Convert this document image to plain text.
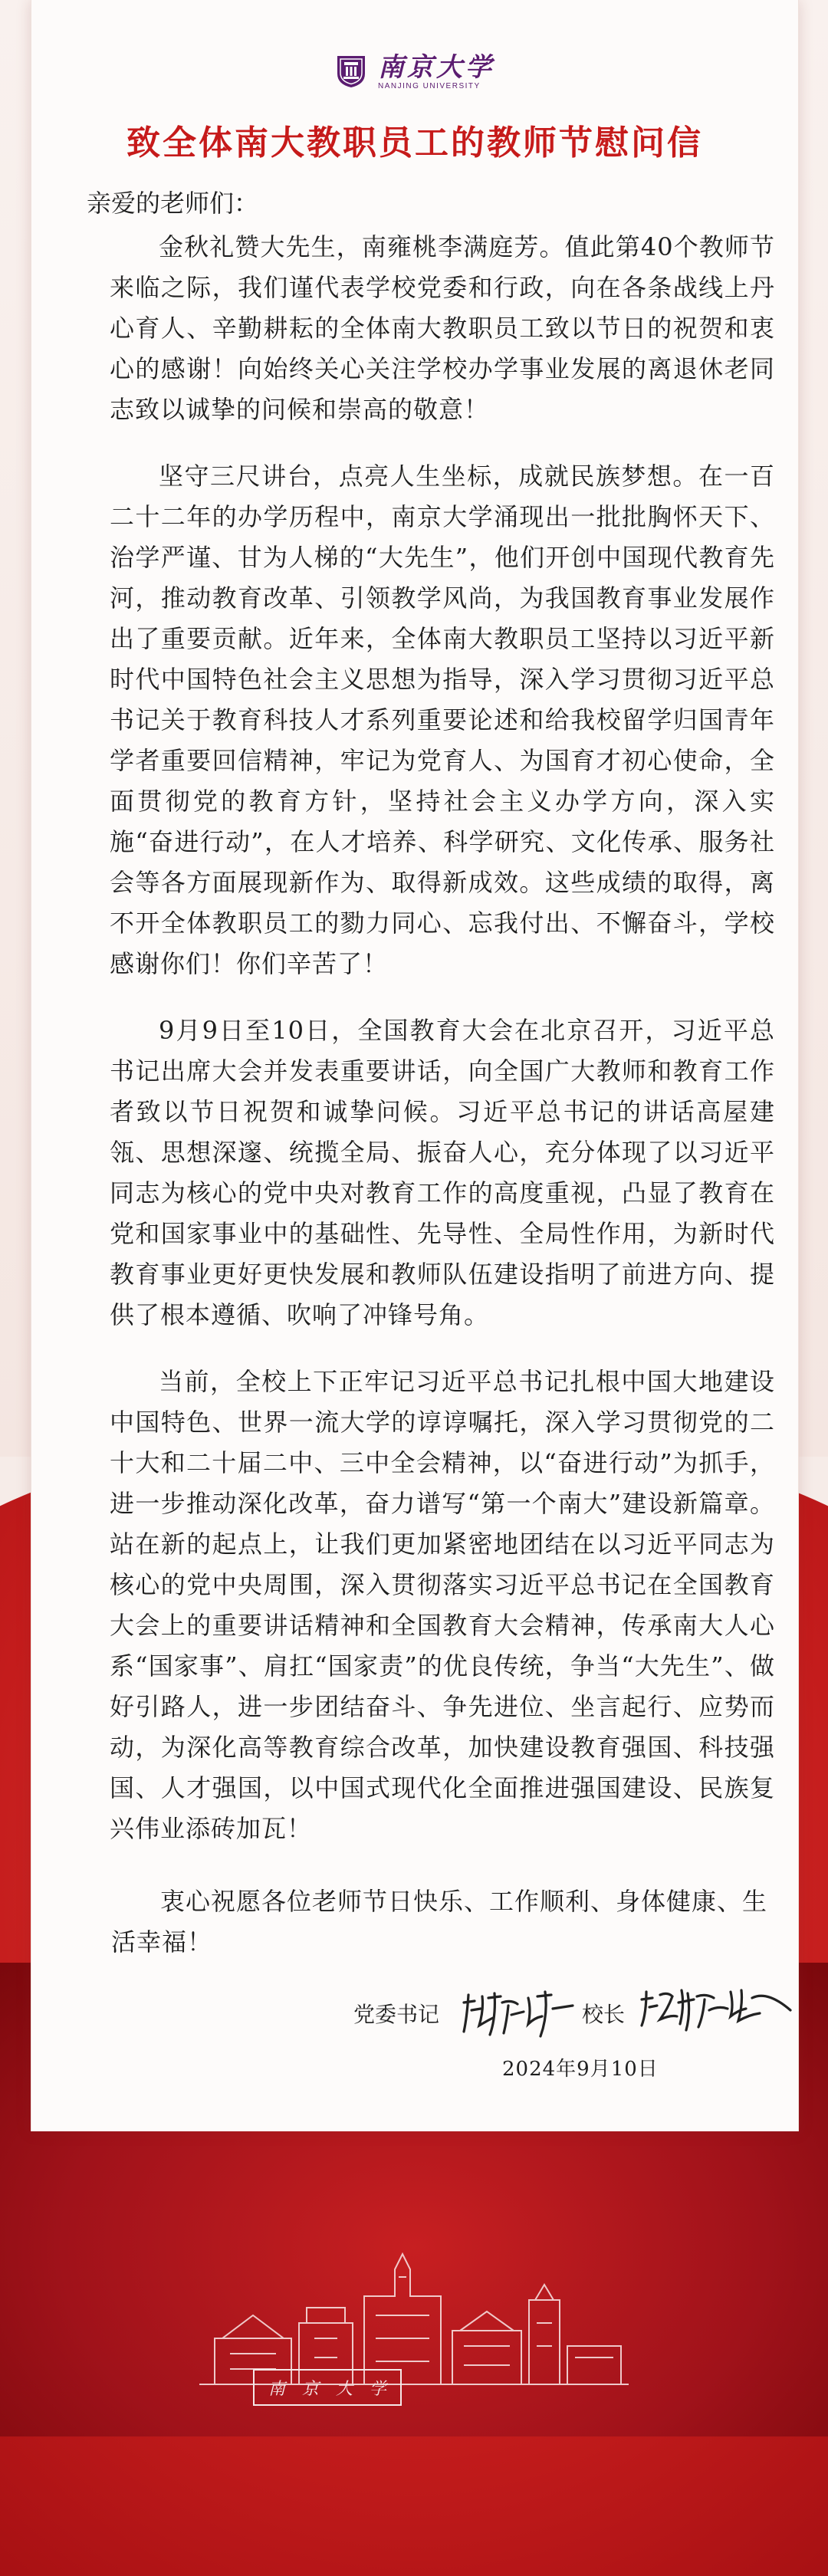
南京大学
NANJING UNIVERSITY
致全体南大教职员工的教师节慰问信
亲爱的老师们：

金秋礼赞大先生，南雍桃李满庭芳。值此第40个教师节来临之际，我们谨代表学校党委和行政，向在各条战线上丹心育人、辛勤耕耘的全体南大教职员工致以节日的祝贺和衷心的感谢！向始终关心关注学校办学事业发展的离退休老同志致以诚挚的问候和崇高的敬意！

坚守三尺讲台，点亮人生坐标，成就民族梦想。在一百二十二年的办学历程中，南京大学涌现出一批批胸怀天下、治学严谨、甘为人梯的“大先生”，他们开创中国现代教育先河，推动教育改革、引领教学风尚，为我国教育事业发展作出了重要贡献。近年来，全体南大教职员工坚持以习近平新时代中国特色社会主义思想为指导，深入学习贯彻习近平总书记关于教育科技人才系列重要论述和给我校留学归国青年学者重要回信精神，牢记为党育人、为国育才初心使命，全面贯彻党的教育方针，坚持社会主义办学方向，深入实施“奋进行动”，在人才培养、科学研究、文化传承、服务社会等各方面展现新作为、取得新成效。这些成绩的取得，离不开全体教职员工的勠力同心、忘我付出、不懈奋斗，学校感谢你们！你们辛苦了！

9月9日至10日，全国教育大会在北京召开，习近平总书记出席大会并发表重要讲话，向全国广大教师和教育工作者致以节日祝贺和诚挚问候。习近平总书记的讲话高屋建瓴、思想深邃、统揽全局、振奋人心，充分体现了以习近平同志为核心的党中央对教育工作的高度重视，凸显了教育在党和国家事业中的基础性、先导性、全局性作用，为新时代教育事业更好更快发展和教师队伍建设指明了前进方向、提供了根本遵循、吹响了冲锋号角。

当前，全校上下正牢记习近平总书记扎根中国大地建设中国特色、世界一流大学的谆谆嘱托，深入学习贯彻党的二十大和二十届二中、三中全会精神，以“奋进行动”为抓手，进一步推动深化改革，奋力谱写“第一个南大”建设新篇章。站在新的起点上，让我们更加紧密地团结在以习近平同志为核心的党中央周围，深入贯彻落实习近平总书记在全国教育大会上的重要讲话精神和全国教育大会精神，传承南大人心系“国家事”、肩扛“国家责”的优良传统，争当“大先生”、做好引路人，进一步团结奋斗、争先进位、坐言起行、应势而动，为深化高等教育综合改革，加快建设教育强国、科技强国、人才强国，以中国式现代化全面推进强国建设、民族复兴伟业添砖加瓦！

衷心祝愿各位老师节日快乐、工作顺利、身体健康、生活幸福！
党委书记	校长
2024年9月10日
南 京 大 学
